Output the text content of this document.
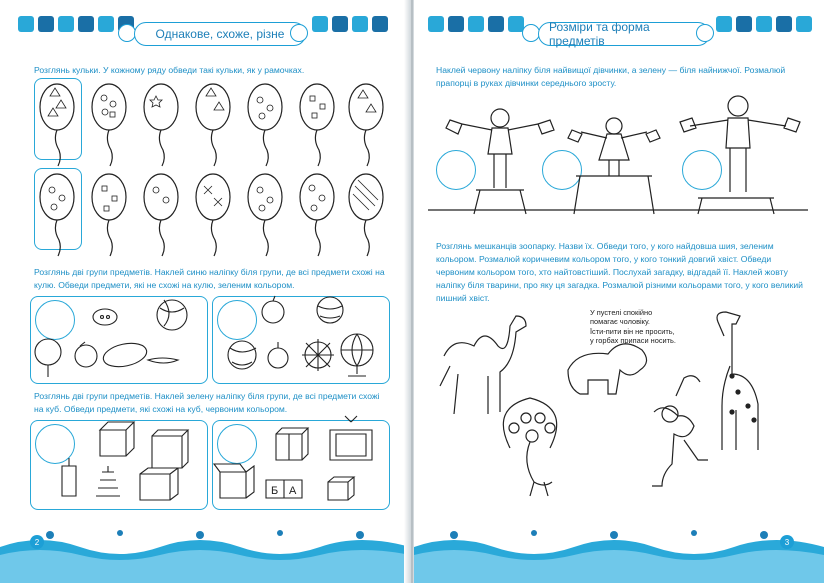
Однакове, схоже, різне
Розглянь кульки. У кожному ряду обведи такі кульки, як у рамочках.
Розглянь дві групи предметів. Наклей синю наліпку біля групи, де всі предмети схожі на кулю. Обведи предмети, які не схожі на кулю, зеленим кольором.
Розглянь дві групи предметів. Наклей зелену наліпку біля групи, де всі предмети схожі на куб. Обведи предмети, які схожі на куб, червоним кольором.
Б А
2
Розміри та форма предметів
Наклей червону наліпку біля найвищої дівчинки, а зелену — біля найнижчої. Розмалюй прапорці в руках дівчинки середнього зросту.
Розглянь мешканців зоопарку. Назви їх. Обведи того, у кого найдовша шия, зеленим кольором. Розмалюй коричневим кольором того, у кого тонкий довгий хвіст. Обведи червоним кольором того, хто найтовстіший. Послухай загадку, відгадай її. Наклей жовту наліпку біля тварини, про яку ця загадка. Розмалюй різними кольорами того, у кого великий пишний хвіст.
У пустелі спокійно
помагає чоловіку.
Їсти-пити він не просить,
у горбах припаси носить.
3
